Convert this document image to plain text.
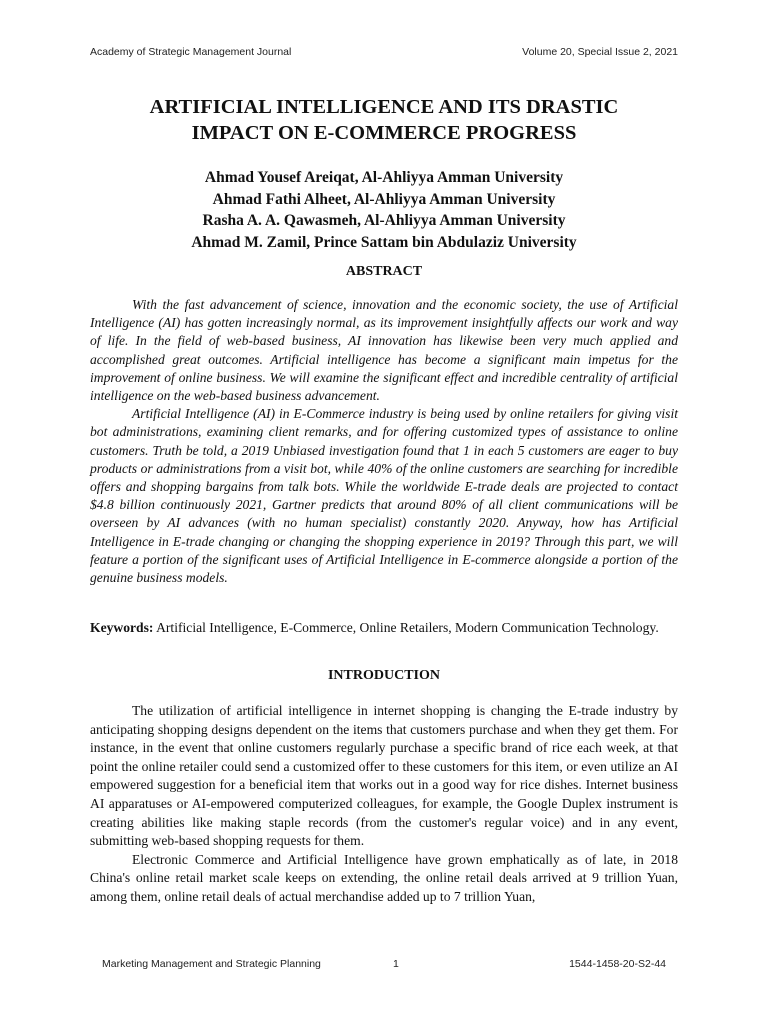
Academy of Strategic Management Journal	Volume 20, Special Issue 2, 2021
ARTIFICIAL INTELLIGENCE AND ITS DRASTIC
IMPACT ON E-COMMERCE PROGRESS
Ahmad Yousef Areiqat, Al-Ahliyya Amman University
Ahmad Fathi Alheet, Al-Ahliyya Amman University
Rasha A. A. Qawasmeh, Al-Ahliyya Amman University
Ahmad M. Zamil, Prince Sattam bin Abdulaziz University
ABSTRACT

With the fast advancement of science, innovation and the economic society, the use of Artificial Intelligence (AI) has gotten increasingly normal, as its improvement insightfully affects our work and way of life. In the field of web-based business, AI innovation has likewise been very much applied and accomplished great outcomes. Artificial intelligence has become a significant main impetus for the improvement of online business. We will examine the significant effect and incredible centrality of artificial intelligence on the web-based business advancement.

Artificial Intelligence (AI) in E-Commerce industry is being used by online retailers for giving visit bot administrations, examining client remarks, and for offering customized types of assistance to online customers. Truth be told, a 2019 Unbiased investigation found that 1 in each 5 customers are eager to buy products or administrations from a visit bot, while 40% of the online customers are searching for incredible offers and shopping bargains from talk bots. While the worldwide E-trade deals are projected to contact $4.8 billion continuously 2021, Gartner predicts that around 80% of all client communications will be overseen by AI advances (with no human specialist) constantly 2020. Anyway, how has Artificial Intelligence in E-trade changing or changing the shopping experience in 2019? Through this part, we will feature a portion of the significant uses of Artificial Intelligence in E-commerce alongside a portion of the genuine business models.

Keywords: Artificial Intelligence, E-Commerce, Online Retailers, Modern Communication Technology.
INTRODUCTION

The utilization of artificial intelligence in internet shopping is changing the E-trade industry by anticipating shopping designs dependent on the items that customers purchase and when they get them. For instance, in the event that online customers regularly purchase a specific brand of rice each week, at that point the online retailer could send a customized offer to these customers for this item, or even utilize an AI empowered suggestion for a beneficial item that works out in a good way for rice dishes. Internet business AI apparatuses or AI-empowered computerized colleagues, for example, the Google Duplex instrument is creating abilities like making staple records (from the customer's regular voice) and in any event, submitting web-based shopping requests for them.

Electronic Commerce and Artificial Intelligence have grown emphatically as of late, in 2018 China's online retail market scale keeps on extending, the online retail deals arrived at 9 trillion Yuan, among them, online retail deals of actual merchandise added up to 7 trillion Yuan,

Marketing Management and Strategic Planning	1	1544-1458-20-S2-44
